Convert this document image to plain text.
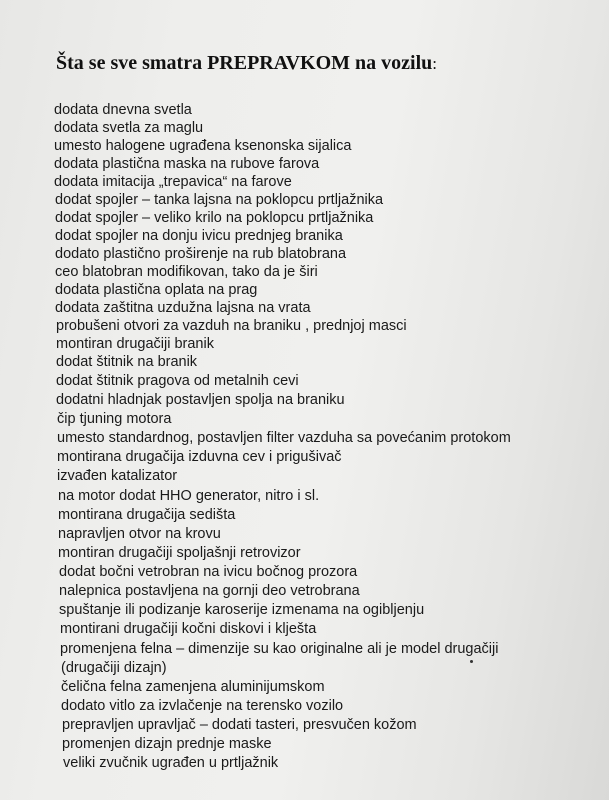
Šta se sve smatra PREPRAVKOM na vozilu:
dodata dnevna svetla
dodata svetla za maglu
umesto halogene ugrađena ksenonska sijalica
dodata plastična maska na rubove farova
dodata imitacija „trepavica“ na farove
dodat spojler – tanka lajsna na poklopcu prtljažnika
dodat spojler – veliko krilo na poklopcu prtljažnika
dodat spojler na donju ivicu prednjeg branika
dodato plastično proširenje na rub blatobrana
ceo blatobran modifikovan, tako da je širi
dodata plastična oplata na prag
dodata zaštitna uzdužna lajsna na vrata
probušeni otvori za vazduh na braniku , prednjoj masci
montiran drugačiji branik
dodat štitnik na branik
dodat štitnik pragova od metalnih cevi
dodatni hladnjak postavljen spolja na braniku
čip tjuning motora
umesto standardnog, postavljen filter vazduha sa povećanim protokom
montirana drugačija izduvna cev i prigušivač
izvađen katalizator
na motor dodat HHO generator, nitro i sl.
montirana drugačija sedišta
napravljen otvor na krovu
montiran drugačiji spoljašnji retrovizor
dodat bočni vetrobran na ivicu bočnog prozora
nalepnica postavljena na gornji deo vetrobrana
spuštanje ili podizanje karoserije izmenama na ogibljenju
montirani drugačiji kočni diskovi i klješta
promenjena felna – dimenzije su kao originalne ali je model drugačiji
(drugačiji dizajn)
čelična felna zamenjena aluminijumskom
dodato vitlo za izvlačenje na terensko vozilo
prepravljen upravljač – dodati tasteri, presvučen kožom
promenjen dizajn prednje maske
veliki zvučnik ugrađen u prtljažnik
